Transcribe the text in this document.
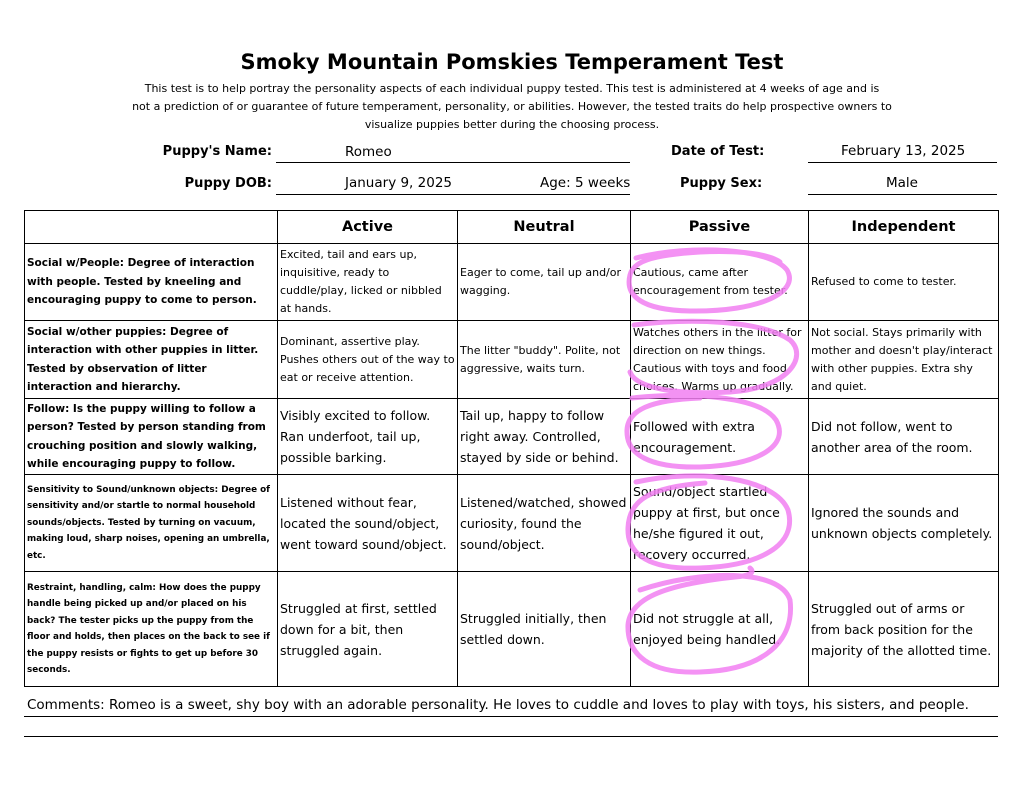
Smoky Mountain Pomskies Temperament Test
This test is to help portray the personality aspects of each individual puppy tested. This test is administered at 4 weeks of age and is
not a prediction of or guarantee of future temperament, personality, or abilities. However, the tested traits do help prospective owners to
visualize puppies better during the choosing process.
Puppy's Name:	Romeo	Date of Test:	February 13, 2025
Puppy DOB:	January 9, 2025	Age: 5 weeks	Puppy Sex:	Male
	Active	Neutral	Passive	Independent
Social w/People: Degree of interaction with people. Tested by kneeling and encouraging puppy to come to person.	Excited, tail and ears up, inquisitive, ready to cuddle/play, licked or nibbled at hands.	Eager to come, tail up and/or wagging.	Cautious, came after encouragement from tester.	Refused to come to tester.
Social w/other puppies: Degree of interaction with other puppies in litter. Tested by observation of litter interaction and hierarchy.	Dominant, assertive play. Pushes others out of the way to eat or receive attention.	The litter "buddy". Polite, not aggressive, waits turn.	Watches others in the litter for direction on new things. Cautious with toys and food choices. Warms up gradually.	Not social. Stays primarily with mother and doesn't play/interact with other puppies. Extra shy and quiet.
Follow: Is the puppy willing to follow a person? Tested by person standing from crouching position and slowly walking, while encouraging puppy to follow.	Visibly excited to follow. Ran underfoot, tail up, possible barking.	Tail up, happy to follow right away. Controlled, stayed by side or behind.	Followed with extra encouragement.	Did not follow, went to another area of the room.
Sensitivity to Sound/unknown objects: Degree of sensitivity and/or startle to normal household sounds/objects. Tested by turning on vacuum, making loud, sharp noises, opening an umbrella, etc.	Listened without fear, located the sound/object, went toward sound/object.	Listened/watched, showed curiosity, found the sound/object.	Sound/object startled puppy at first, but once he/she figured it out, recovery occurred.	Ignored the sounds and unknown objects completely.
Restraint, handling, calm: How does the puppy handle being picked up and/or placed on his back? The tester picks up the puppy from the floor and holds, then places on the back to see if the puppy resists or fights to get up before 30 seconds.	Struggled at first, settled down for a bit, then struggled again.	Struggled initially, then settled down.	Did not struggle at all, enjoyed being handled.	Struggled out of arms or from back position for the majority of the allotted time.
Comments: Romeo is a sweet, shy boy with an adorable personality. He loves to cuddle and loves to play with toys, his sisters, and people.
